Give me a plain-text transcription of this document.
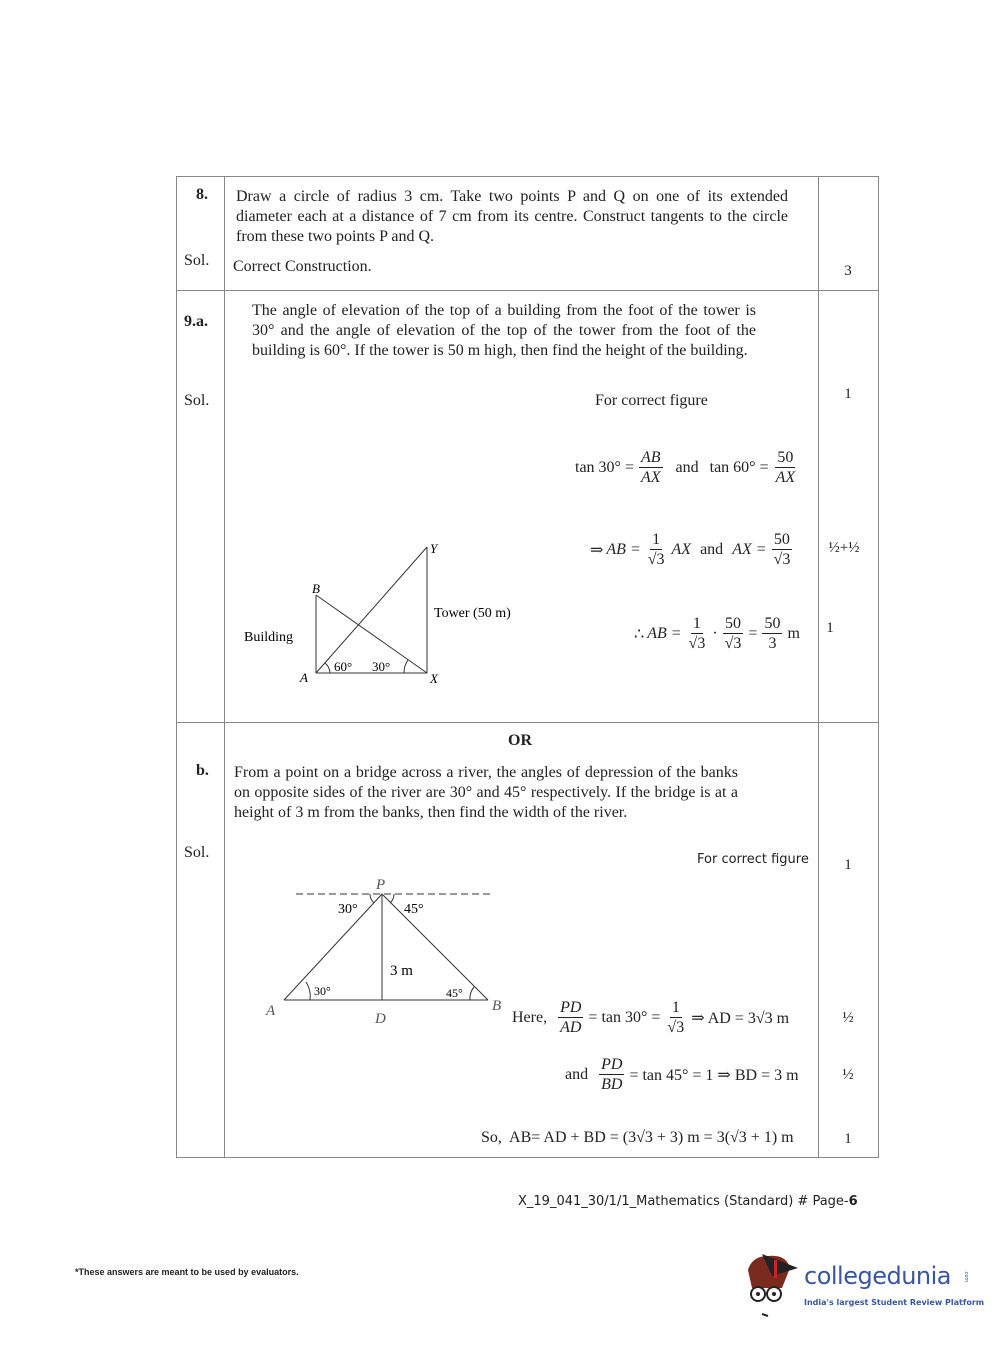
8. Draw a circle of radius 3 cm. Take two points P and Q on one of its extended diameter each at a distance of 7 cm from its centre. Construct tangents to the circle from these two points P and Q.
Sol. Correct Construction.	3
9.a.
The angle of elevation of the top of a building from the foot of the tower is 30° and the angle of elevation of the top of the tower from the foot of the building is 60°. If the tower is 50 m high, then find the height of the building.
Sol.	For correct figure	1
$\tan 30^\circ = \frac{AB}{AX}$ and $\tan 60^\circ = \frac{50}{AX}$
⇒ AB = $\frac{1}{√3}$ AX and AX = $\frac{50}{√3}$	½+½
∴ AB = $\frac{1}{√3} \cdot \frac{50}{√3} = \frac{50}{3}$ m	1
B
Y
A	X
60° 30°
Building
Tower (50 m)
OR
b. From a point on a bridge across a river, the angles of depression of the banks on opposite sides of the river are 30° and 45° respectively. If the bridge is at a height of 3 m from the banks, then find the width of the river.
Sol.	For correct figure	1
P
A	B
D
30°	45°
3 m
30°	45°
Here, $\frac{PD}{AD} = \tan 30^\circ = \frac{1}{√3}$ ⇒ AD = 3√3 m	½
and $\frac{PD}{BD} = \tan 45^\circ = 1$ ⇒ BD = 3 m	½
So,  AB= AD + BD = (3√3 + 3) m = 3(√3 + 1) m	1
X_19_041_30/1/1_Mathematics (Standard) # Page-6
*These answers are meant to be used by evaluators.	collegedunia .com
India's largest Student Review Platform
